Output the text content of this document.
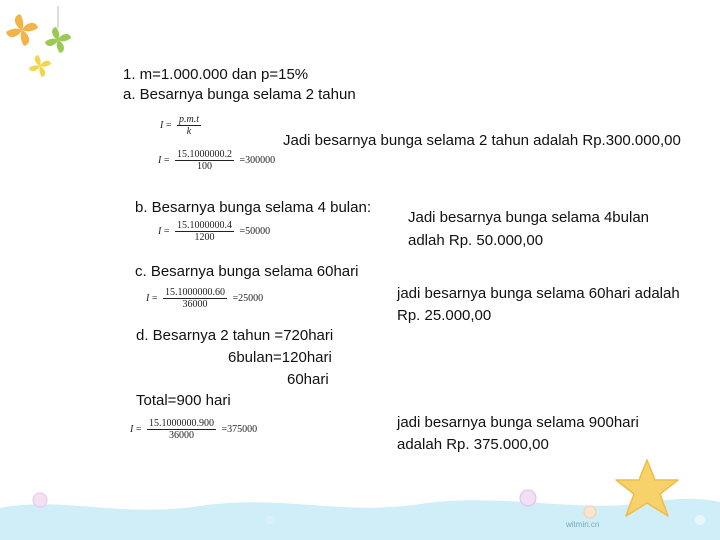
witmin.cn
1. m=1.000.000 dan p=15%
a. Besarnya bunga selama 2 tahun
$I = \frac{p.m.t}{k}$
$I = \frac{15.1000000.2}{100} =300000$
Jadi besarnya bunga selama 2 tahun adalah Rp.300.000,00
b. Besarnya bunga selama 4 bulan:
$I = \frac{15.1000000.4}{1200} =50000$
Jadi besarnya bunga selama 4bulan
adlah Rp. 50.000,00
c. Besarnya bunga selama 60hari
$I = \frac{15.1000000.60}{36000} =25000$	jadi besarnya bunga selama 60hari adalah
Rp. 25.000,00
d. Besarnya 2 tahun =720hari
6bulan=120hari
60hari
Total=900 hari
$I = \frac{15.1000000.900}{36000} =375000$	jadi besarnya bunga selama 900hari
adalah Rp. 375.000,00
